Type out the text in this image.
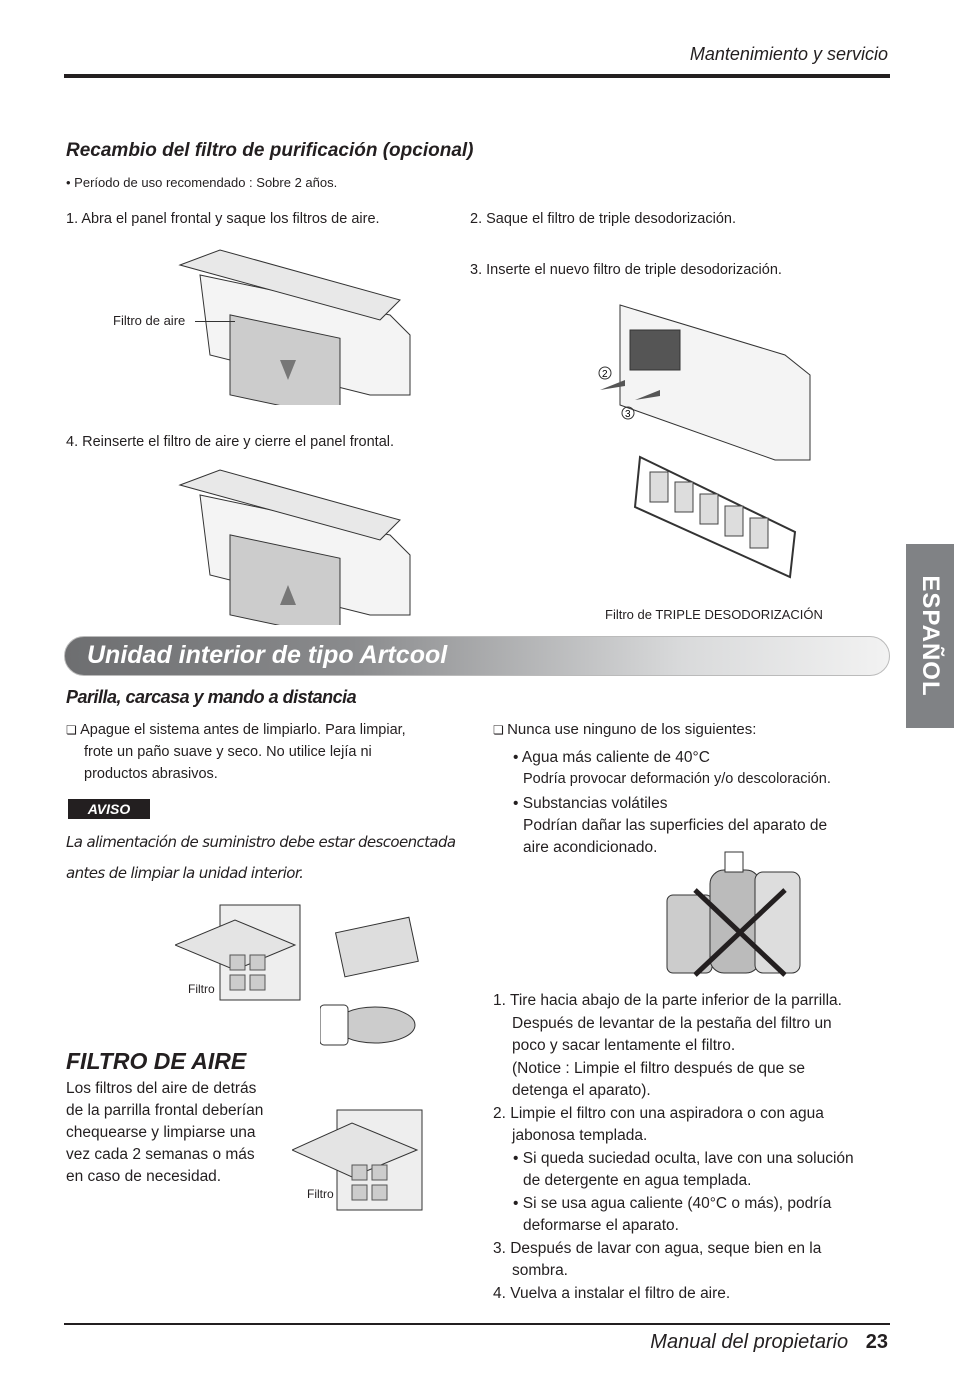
Mantenimiento y servicio
ESPAÑOL
Recambio del filtro de purificación (opcional)
• Período de uso recomendado : Sobre 2 años.
1. Abra el panel frontal y saque los filtros de aire.	2. Saque el filtro de triple desodorización.
3. Inserte el nuevo filtro de triple desodorización.
4. Reinserte el filtro de aire y cierre el panel frontal.
Filtro de aire
2
3
Filtro de TRIPLE DESODORIZACIÓN
Unidad interior de tipo Artcool
Parilla, carcasa y mando a distancia
❏ Apague el sistema antes de limpiarlo. Para limpiar,
frote un paño suave y seco. No utilice lejía ni
productos abrasivos.
AVISO
La alimentación de suministro debe estar descoenctada
antes de limpiar la unidad interior.
❏ Nunca use ninguno de los siguientes:
• Agua más caliente de 40°C
Podría provocar deformación y/o descoloración.
• Substancias volátiles
Podrían dañar las superficies del aparato de
aire acondicionado.
Filtro
FILTRO DE AIRE
Los filtros del aire de detrás
de la parrilla frontal deberían
chequearse y limpiarse una
vez cada 2 semanas o más
en caso de necesidad.
Filtro
1. Tire hacia abajo de la parte inferior de la parrilla.
Después de levantar de la pestaña del filtro un
poco y sacar lentamente el filtro.
(Notice : Limpie el filtro después de que se
detenga el aparato).
2. Limpie el filtro con una aspiradora o con agua
jabonosa templada.
• Si queda suciedad oculta, lave con una solución
de detergente en agua templada.
• Si se usa agua caliente (40°C o más), podría
deformarse el aparato.
3. Después de lavar con agua, seque bien en la
sombra.
4. Vuelva a instalar el filtro de aire.
Manual del propietario 23
